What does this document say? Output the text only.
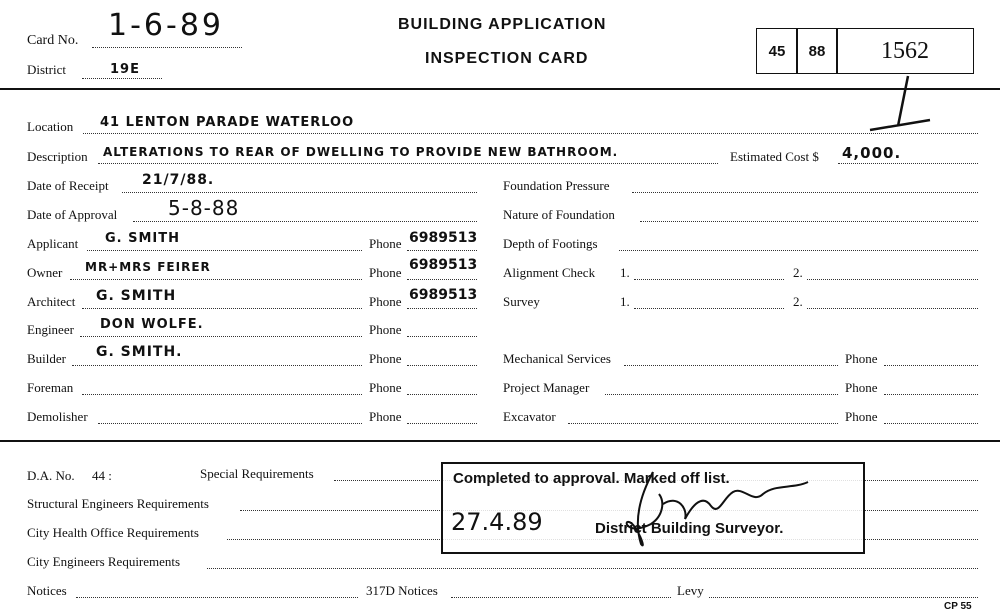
Card No. 1-6-89
District	19E
BUILDING APPLICATION
INSPECTION CARD	45 88 1562
Location 41 LENTON PARADE WATERLOO
Description ALTERATIONS TO REAR OF DWELLING TO PROVIDE NEW BATHROOM.	Estimated Cost $ 4,000.
Date of Receipt 21/7/88.
Date of Approval	5-8-88
Applicant G. SMITH	Phone 6989513
Owner MR+MRS FEIRER	Phone 6989513
Architect G. SMITH	Phone 6989513
Engineer DON WOLFE.	Phone
Builder G. SMITH.	Phone
Foreman	Phone
Demolisher	Phone
Foundation Pressure
Nature of Foundation
Depth of Footings
Alignment Check 1.	2.
Survey	1.	2.
Mechanical Services	Phone
Project Manager	Phone
Excavator	Phone
D.A. No. 44 :	Special Requirements
Structural Engineers Requirements
City Health Office Requirements
City Engineers Requirements
Notices	317D Notices	Levy
CP 55
Completed to approval. Marked off list.
27.4.89	District Building Surveyor.
